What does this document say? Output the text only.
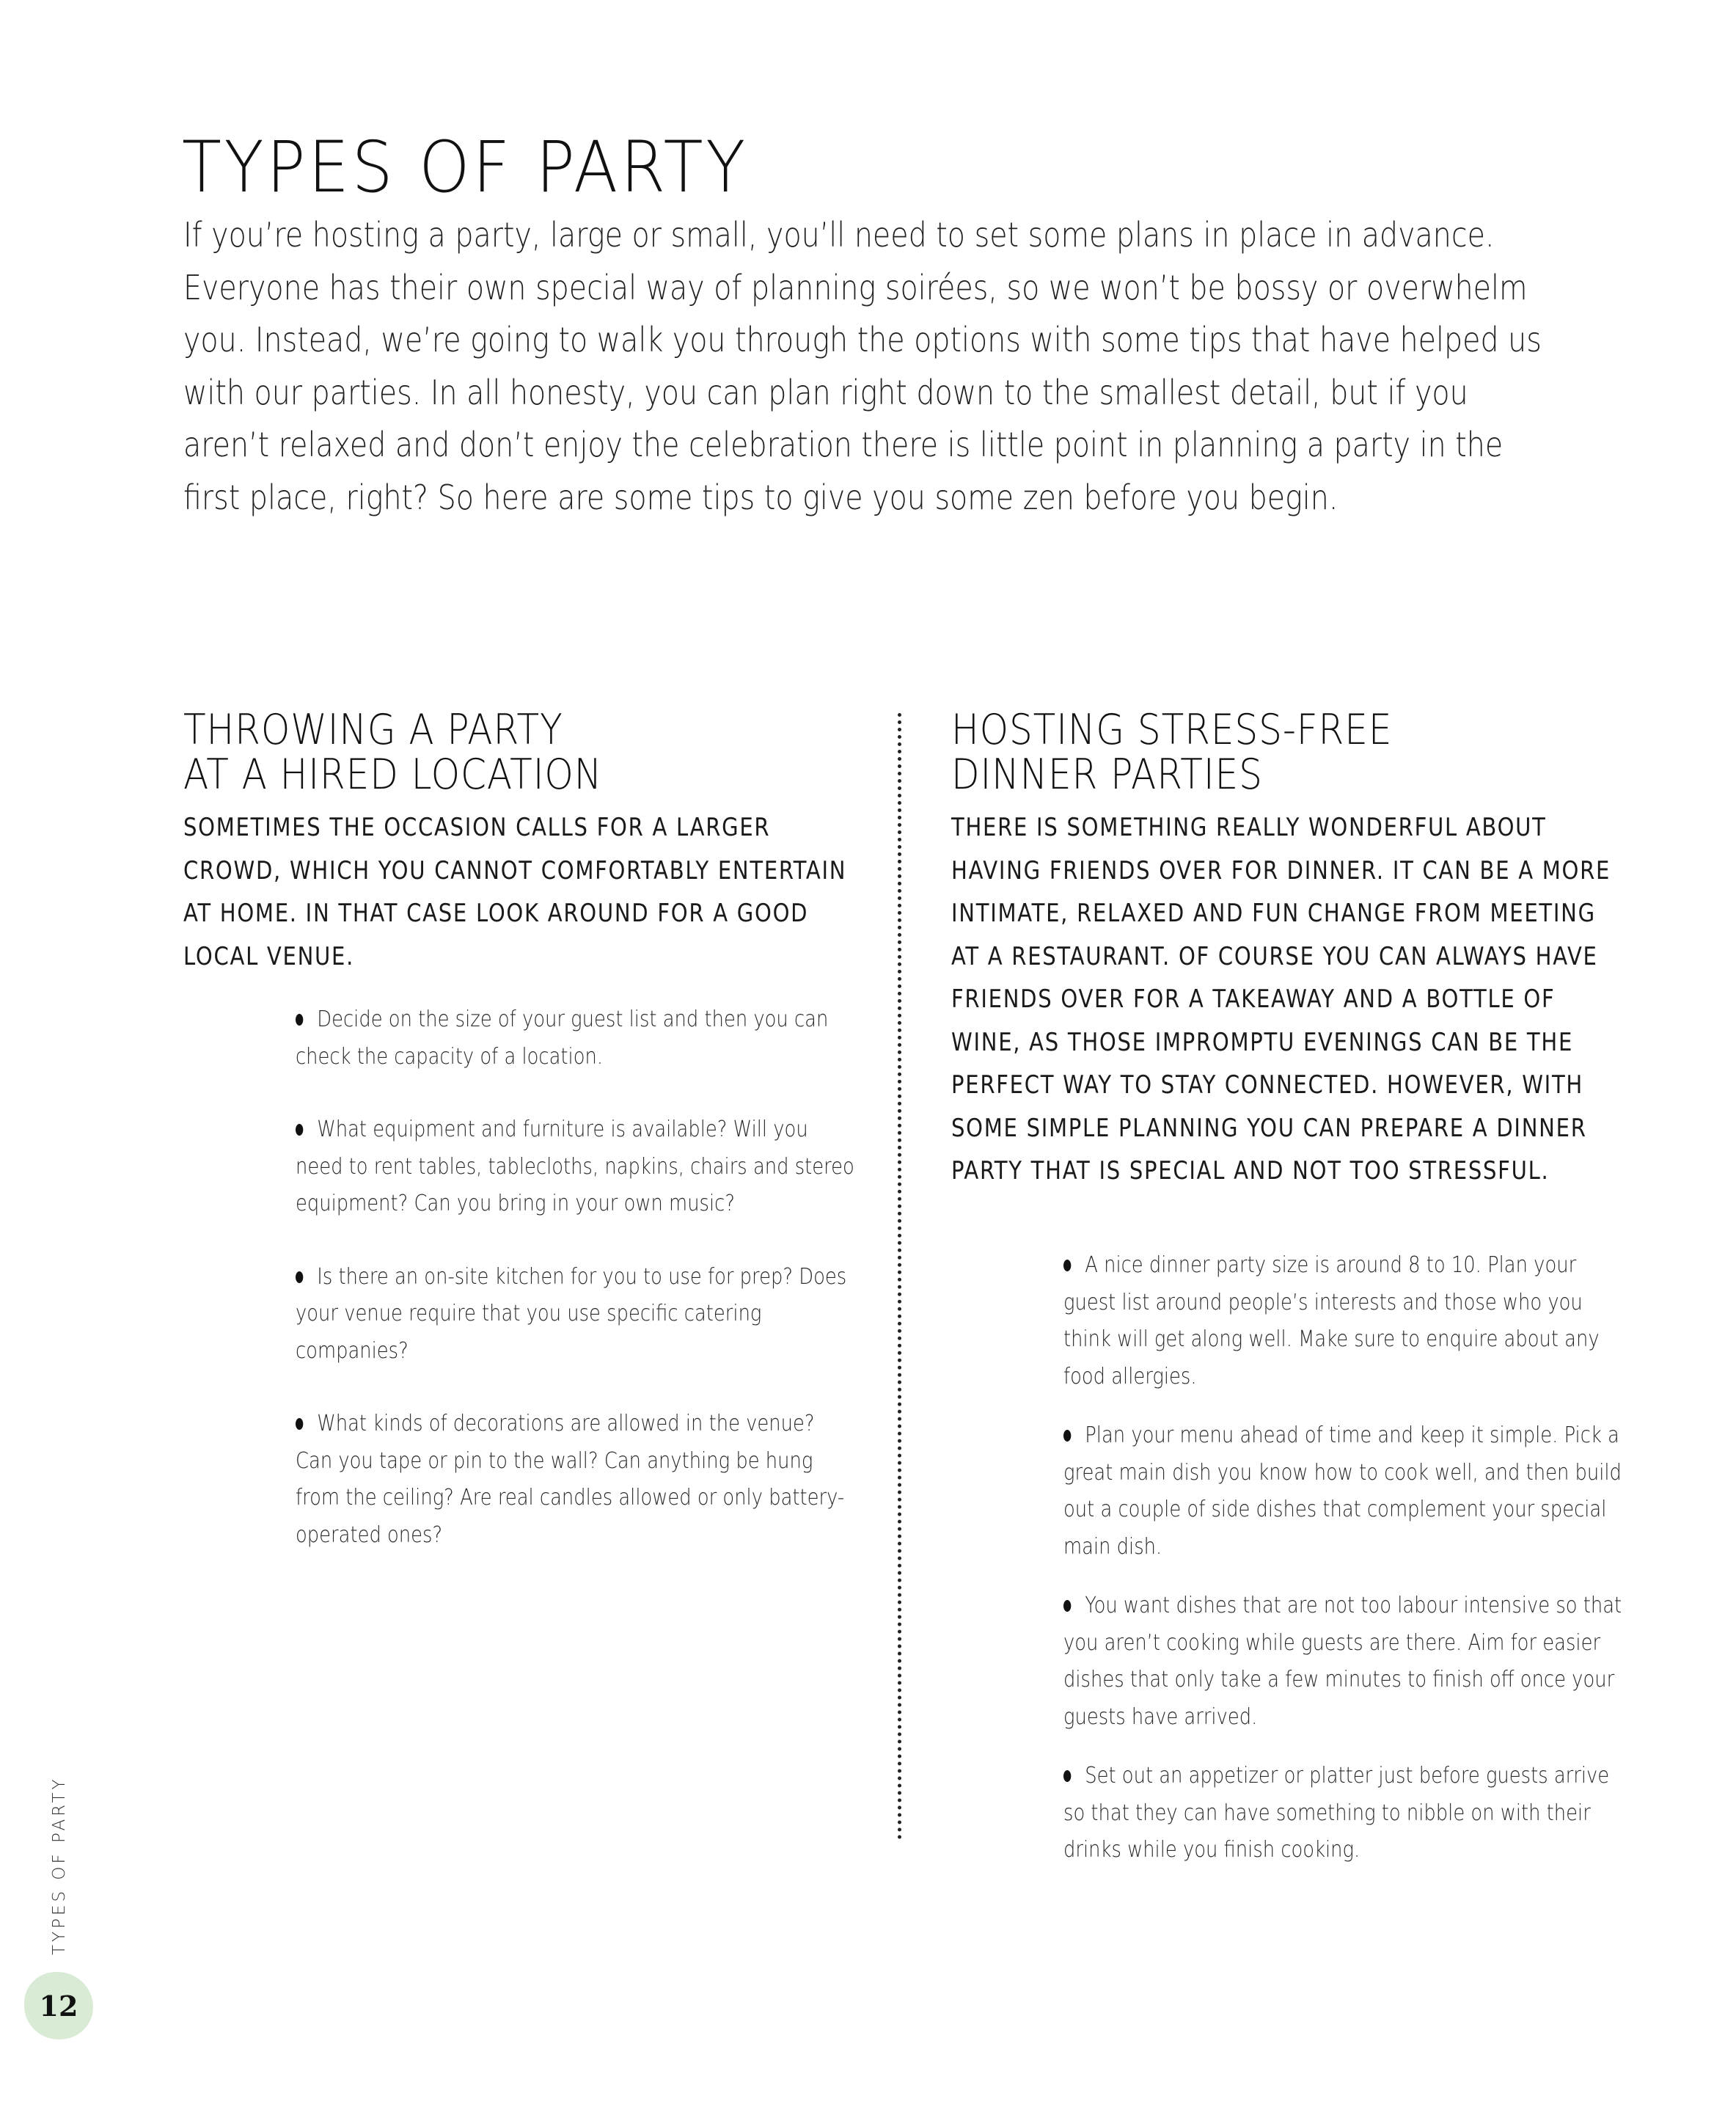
TYPES OF PARTY

If you’re hosting a party, large or small, you’ll need to set some plans in place in advance. Everyone has their own special way of planning soirées, so we won’t be bossy or overwhelm you. Instead, we’re going to walk you through the options with some tips that have helped us with our parties. In all honesty, you can plan right down to the smallest detail, but if you aren’t relaxed and don’t enjoy the celebration there is little point in planning a party in the first place, right? So here are some tips to give you some zen before you begin.

THROWING A PARTY
AT A HIRED LOCATION

SOMETIMES THE OCCASION CALLS FOR A LARGER CROWD, WHICH YOU CANNOT COMFORTABLY ENTERTAIN AT HOME. IN THAT CASE LOOK AROUND FOR A GOOD LOCAL VENUE.

Decide on the size of your guest list and then you can check the capacity of a location.
What equipment and furniture is available? Will you need to rent tables, tablecloths, napkins, chairs and stereo equipment? Can you bring in your own music?
Is there an on-site kitchen for you to use for prep? Does your venue require that you use specific catering companies?
What kinds of decorations are allowed in the venue? Can you tape or pin to the wall? Can anything be hung from the ceiling? Are real candles allowed or only battery-operated ones?
HOSTING STRESS-FREE
DINNER PARTIES

THERE IS SOMETHING REALLY WONDERFUL ABOUT HAVING FRIENDS OVER FOR DINNER. IT CAN BE A MORE INTIMATE, RELAXED AND FUN CHANGE FROM MEETING AT A RESTAURANT. OF COURSE YOU CAN ALWAYS HAVE FRIENDS OVER FOR A TAKEAWAY AND A BOTTLE OF WINE, AS THOSE IMPROMPTU EVENINGS CAN BE THE PERFECT WAY TO STAY CONNECTED. HOWEVER, WITH SOME SIMPLE PLANNING YOU CAN PREPARE A DINNER PARTY THAT IS SPECIAL AND NOT TOO STRESSFUL.

A nice dinner party size is around 8 to 10. Plan your guest list around people’s interests and those who you think will get along well. Make sure to enquire about any food allergies.
Plan your menu ahead of time and keep it simple. Pick a great main dish you know how to cook well, and then build out a couple of side dishes that complement your special main dish.
You want dishes that are not too labour intensive so that you aren’t cooking while guests are there. Aim for easier dishes that only take a few minutes to finish off once your guests have arrived.
Set out an appetizer or platter just before guests arrive so that they can have something to nibble on with their drinks while you finish cooking.
TYPES OF PARTY
12
